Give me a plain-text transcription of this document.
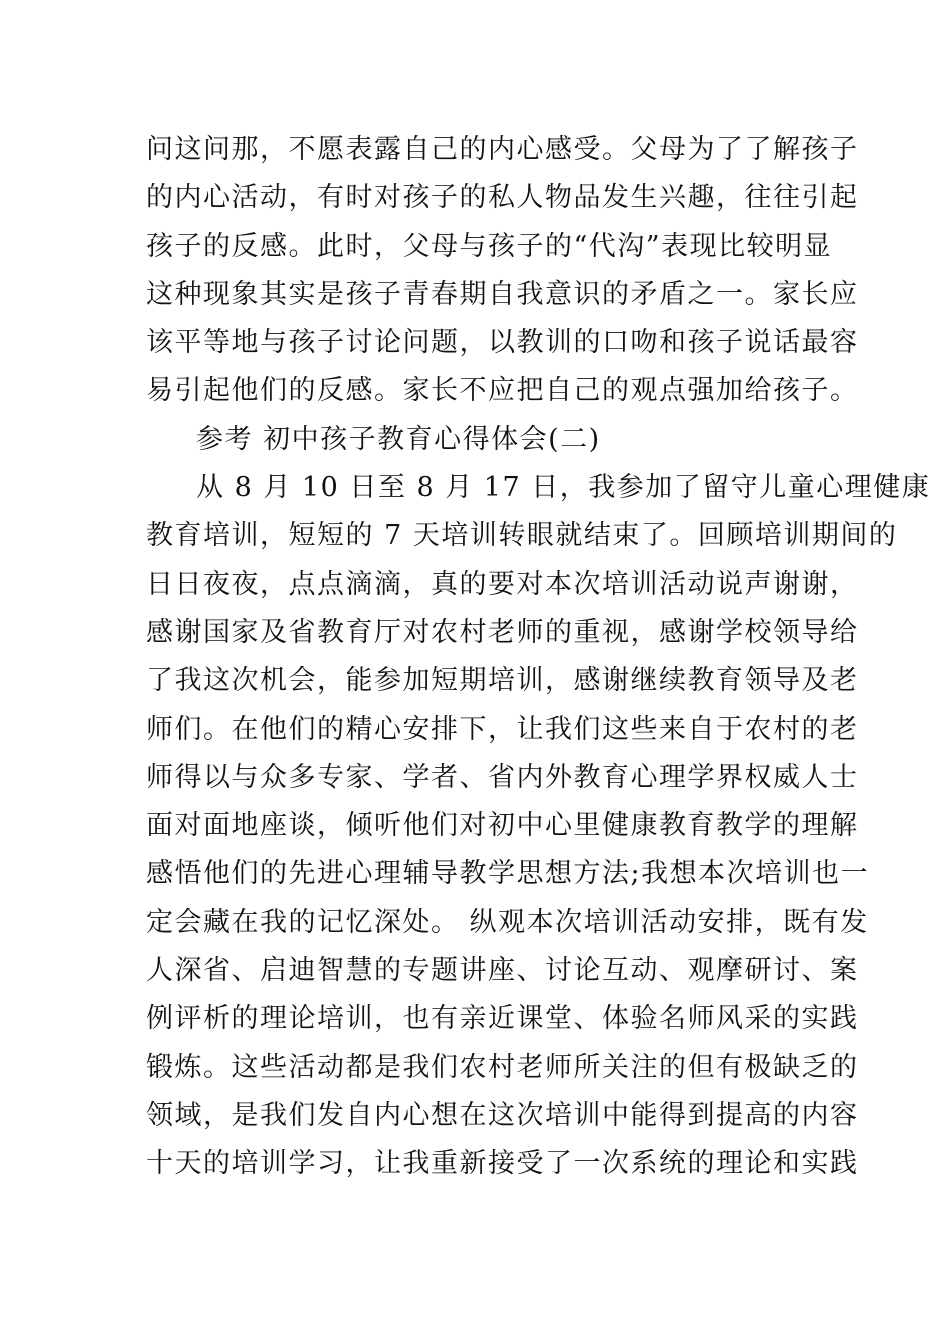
问这问那，不愿表露自己的内心感受。父母为了了解孩子
的内心活动，有时对孩子的私人物品发生兴趣，往往引起
孩子的反感。此时，父母与孩子的“代沟”表现比较明显
这种现象其实是孩子青春期自我意识的矛盾之一。家长应
该平等地与孩子讨论问题，以教训的口吻和孩子说话最容
易引起他们的反感。家长不应把自己的观点强加给孩子。
参考 初中孩子教育心得体会(二)
从 8 月 10 日至 8 月 17 日，我参加了留守儿童心理健康
教育培训，短短的 7 天培训转眼就结束了。回顾培训期间的
日日夜夜，点点滴滴，真的要对本次培训活动说声谢谢，
感谢国家及省教育厅对农村老师的重视，感谢学校领导给
了我这次机会，能参加短期培训，感谢继续教育领导及老
师们。在他们的精心安排下，让我们这些来自于农村的老
师得以与众多专家、学者、省内外教育心理学界权威人士
面对面地座谈，倾听他们对初中心里健康教育教学的理解
感悟他们的先进心理辅导教学思想方法;我想本次培训也一
定会藏在我的记忆深处。 纵观本次培训活动安排，既有发
人深省、启迪智慧的专题讲座、讨论互动、观摩研讨、案
例评析的理论培训，也有亲近课堂、体验名师风采的实践
锻炼。这些活动都是我们农村老师所关注的但有极缺乏的
领域，是我们发自内心想在这次培训中能得到提高的内容
十天的培训学习，让我重新接受了一次系统的理论和实践
